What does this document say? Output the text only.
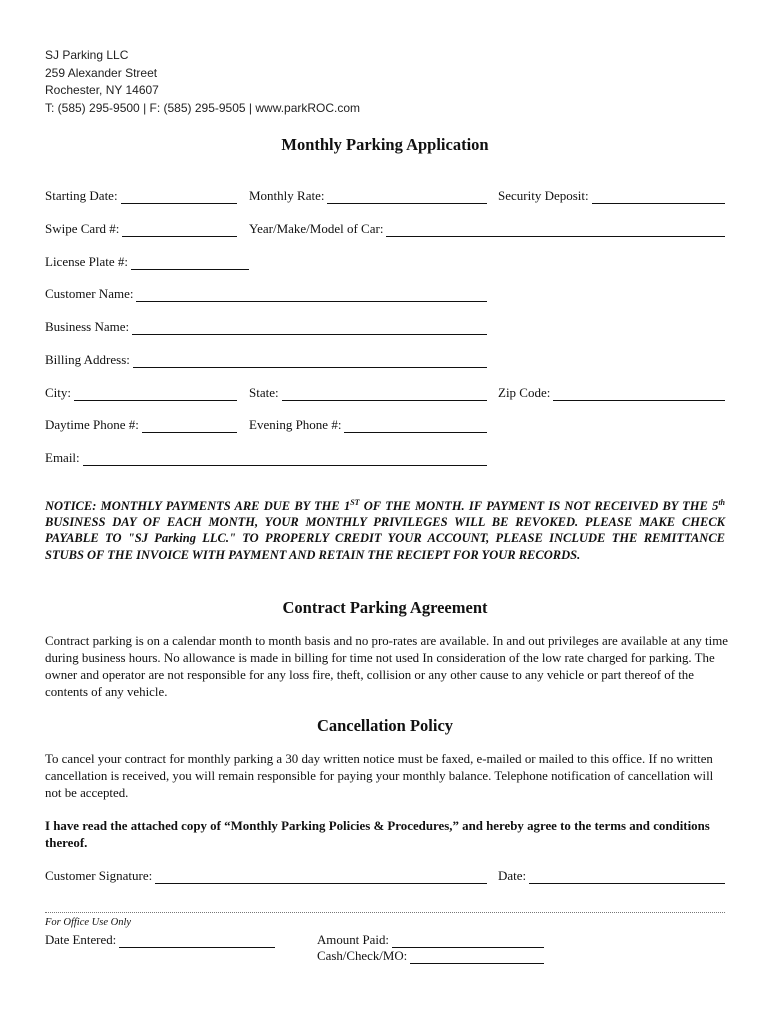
SJ Parking LLC
259 Alexander Street
Rochester, NY 14607
T: (585) 295-9500 | F: (585) 295-9505 | www.parkROC.com
Monthly Parking Application
Starting Date:	Monthly Rate:	Security Deposit:
Swipe Card #:	Year/Make/Model of Car:
License Plate #:
Customer Name:
Business Name:
Billing Address:
City:	State:	Zip Code:
Daytime Phone #:	Evening Phone #:
Email:
NOTICE: MONTHLY PAYMENTS ARE DUE BY THE 1ST OF THE MONTH. IF PAYMENT IS NOT RECEIVED BY THE 5th BUSINESS DAY OF EACH MONTH, YOUR MONTHLY PRIVILEGES WILL BE REVOKED. PLEASE MAKE CHECK PAYABLE TO "SJ Parking LLC." TO PROPERLY CREDIT YOUR ACCOUNT, PLEASE INCLUDE THE REMITTANCE STUBS OF THE INVOICE WITH PAYMENT AND RETAIN THE RECIEPT FOR YOUR RECORDS.
Contract Parking Agreement
Contract parking is on a calendar month to month basis and no pro-rates are available. In and out privileges are available at any time during business hours. No allowance is made in billing for time not used In consideration of the low rate charged for parking. The owner and operator are not responsible for any loss fire, theft, collision or any other cause to any vehicle or part thereof of the contents of any vehicle.
Cancellation Policy
To cancel your contract for monthly parking a 30 day written notice must be faxed, e-mailed or mailed to this office. If no written cancellation is received, you will remain responsible for paying your monthly balance. Telephone notification of cancellation will not be accepted.
I have read the attached copy of “Monthly Parking Policies & Procedures,” and hereby agree to the terms and conditions thereof.
Customer Signature:	Date:
For Office Use Only
Date Entered:	Amount Paid:
Cash/Check/MO:
